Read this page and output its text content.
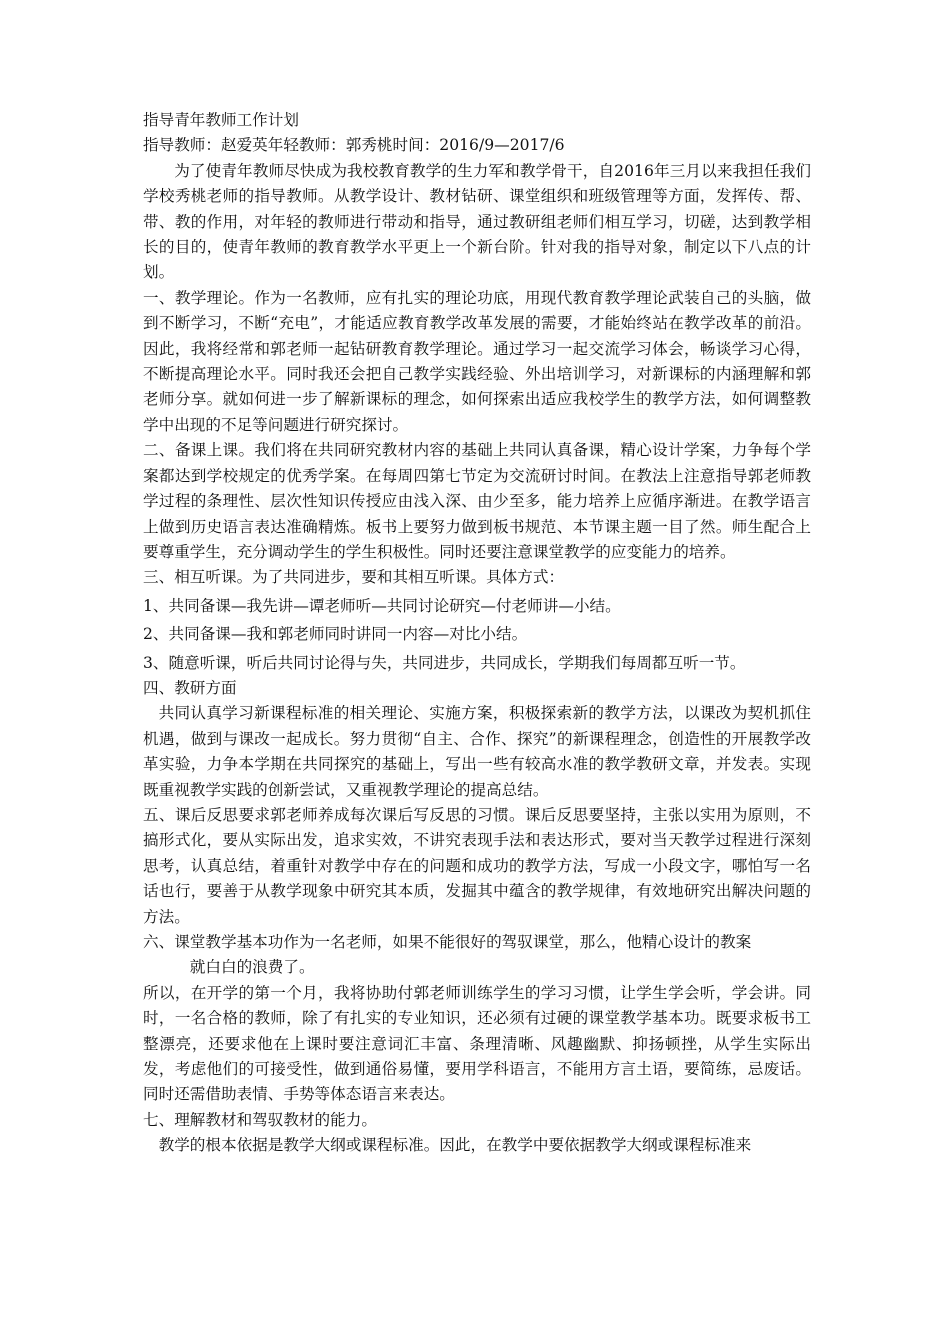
指导青年教师工作计划

指导教师：赵爱英年轻教师：郭秀桃时间：2016/9—2017/6

为了使青年教师尽快成为我校教育教学的生力军和教学骨干，自2016年三月以来我担任我们学校秀桃老师的指导教师。从教学设计、教材钻研、课堂组织和班级管理等方面，发挥传、帮、带、教的作用，对年轻的教师进行带动和指导，通过教研组老师们相互学习，切磋，达到教学相长的目的，使青年教师的教育教学水平更上一个新台阶。针对我的指导对象，制定以下八点的计划。

一、教学理论。作为一名教师，应有扎实的理论功底，用现代教育教学理论武装自己的头脑，做到不断学习，不断“充电”，才能适应教育教学改革发展的需要，才能始终站在教学改革的前沿。因此，我将经常和郭老师一起钻研教育教学理论。通过学习一起交流学习体会，畅谈学习心得，不断提高理论水平。同时我还会把自己教学实践经验、外出培训学习，对新课标的内涵理解和郭老师分享。就如何进一步了解新课标的理念，如何探索出适应我校学生的教学方法，如何调整教学中出现的不足等问题进行研究探讨。

二、备课上课。我们将在共同研究教材内容的基础上共同认真备课，精心设计学案，力争每个学案都达到学校规定的优秀学案。在每周四第七节定为交流研讨时间。在教法上注意指导郭老师教学过程的条理性、层次性知识传授应由浅入深、由少至多，能力培养上应循序渐进。在教学语言上做到历史语言表达准确精炼。板书上要努力做到板书规范、本节课主题一目了然。师生配合上要尊重学生，充分调动学生的学生积极性。同时还要注意课堂教学的应变能力的培养。

三、相互听课。为了共同进步，要和其相互听课。具体方式：

1、共同备课—我先讲—谭老师听—共同讨论研究—付老师讲—小结。

2、共同备课—我和郭老师同时讲同一内容—对比小结。

3、随意听课，听后共同讨论得与失，共同进步，共同成长，学期我们每周都互听一节。

四、教研方面

共同认真学习新课程标准的相关理论、实施方案，积极探索新的教学方法，以课改为契机抓住机遇，做到与课改一起成长。努力贯彻“自主、合作、探究”的新课程理念，创造性的开展教学改革实验，力争本学期在共同探究的基础上，写出一些有较高水准的教学教研文章，并发表。实现既重视教学实践的创新尝试，又重视教学理论的提高总结。

五、课后反思要求郭老师养成每次课后写反思的习惯。课后反思要坚持，主张以实用为原则，不搞形式化，要从实际出发，追求实效，不讲究表现手法和表达形式，要对当天教学过程进行深刻思考，认真总结，着重针对教学中存在的问题和成功的教学方法，写成一小段文字，哪怕写一名话也行，要善于从教学现象中研究其本质，发掘其中蕴含的教学规律，有效地研究出解决问题的方法。

六、课堂教学基本功作为一名老师，如果不能很好的驾驭课堂，那么，他精心设计的教案

就白白的浪费了。

所以，在开学的第一个月，我将协助付郭老师训练学生的学习习惯，让学生学会听，学会讲。同时，一名合格的教师，除了有扎实的专业知识，还必须有过硬的课堂教学基本功。既要求板书工整漂亮，还要求他在上课时要注意词汇丰富、条理清晰、风趣幽默、抑扬顿挫，从学生实际出发，考虑他们的可接受性，做到通俗易懂，要用学科语言，不能用方言土语，要简练，忌废话。同时还需借助表情、手势等体态语言来表达。

七、理解教材和驾驭教材的能力。

教学的根本依据是教学大纲或课程标准。因此，在教学中要依据教学大纲或课程标准来
